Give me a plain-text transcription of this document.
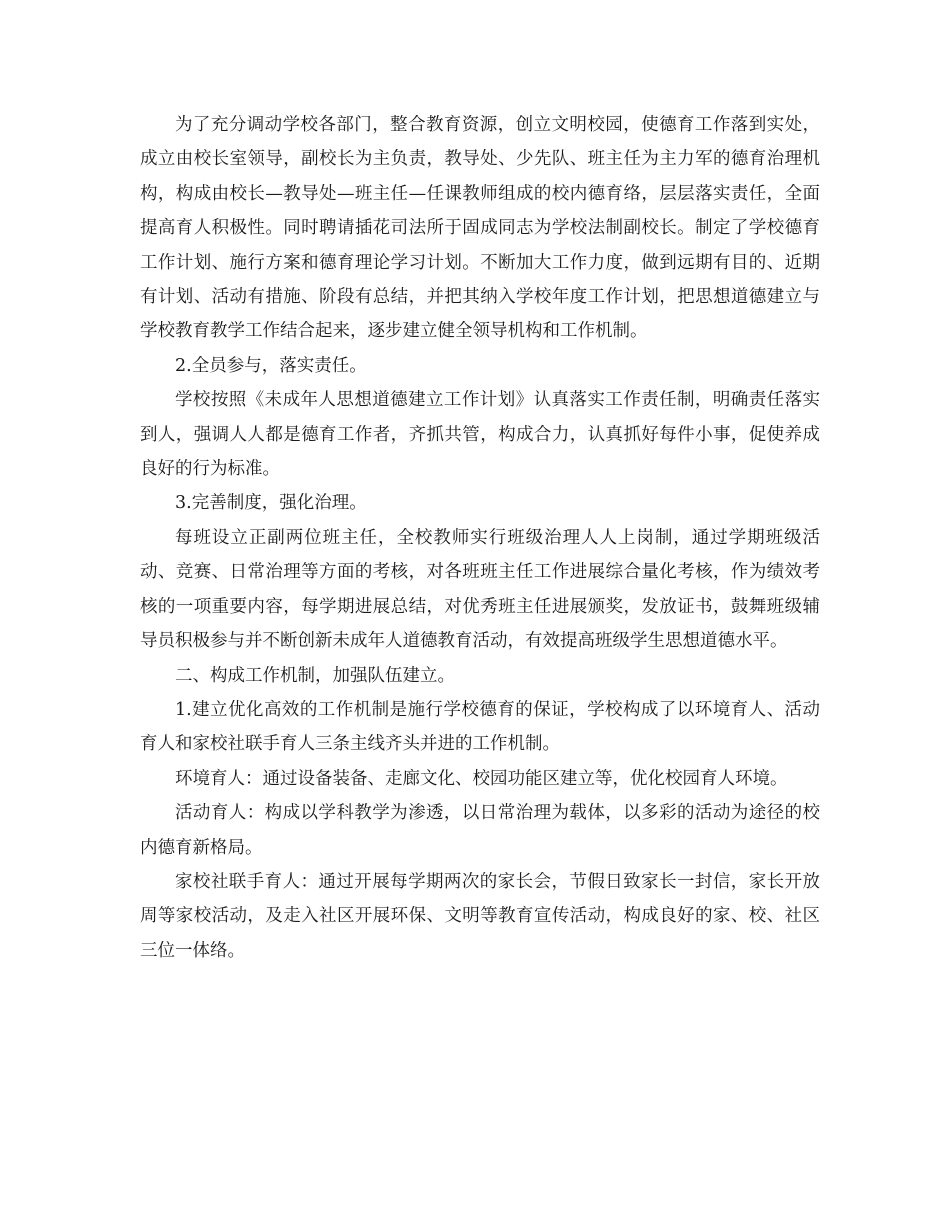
为了充分调动学校各部门，整合教育资源，创立文明校园，使德育工作落到实处，成立由校长室领导，副校长为主负责，教导处、少先队、班主任为主力军的德育治理机构，构成由校长—教导处—班主任—任课教师组成的校内德育络，层层落实责任，全面提高育人积极性。同时聘请插花司法所于固成同志为学校法制副校长。制定了学校德育工作计划、施行方案和德育理论学习计划。不断加大工作力度，做到远期有目的、近期有计划、活动有措施、阶段有总结，并把其纳入学校年度工作计划，把思想道德建立与学校教育教学工作结合起来，逐步建立健全领导机构和工作机制。

2.全员参与，落实责任。

学校按照《未成年人思想道德建立工作计划》认真落实工作责任制，明确责任落实到人，强调人人都是德育工作者，齐抓共管，构成合力，认真抓好每件小事，促使养成良好的行为标准。

3.完善制度，强化治理。

每班设立正副两位班主任，全校教师实行班级治理人人上岗制，通过学期班级活动、竞赛、日常治理等方面的考核，对各班班主任工作进展综合量化考核，作为绩效考核的一项重要内容，每学期进展总结，对优秀班主任进展颁奖，发放证书，鼓舞班级辅导员积极参与并不断创新未成年人道德教育活动，有效提高班级学生思想道德水平。

二、构成工作机制，加强队伍建立。

1.建立优化高效的工作机制是施行学校德育的保证，学校构成了以环境育人、活动育人和家校社联手育人三条主线齐头并进的工作机制。

环境育人：通过设备装备、走廊文化、校园功能区建立等，优化校园育人环境。

活动育人：构成以学科教学为渗透，以日常治理为载体，以多彩的活动为途径的校内德育新格局。

家校社联手育人：通过开展每学期两次的家长会，节假日致家长一封信，家长开放周等家校活动，及走入社区开展环保、文明等教育宣传活动，构成良好的家、校、社区三位一体络。
